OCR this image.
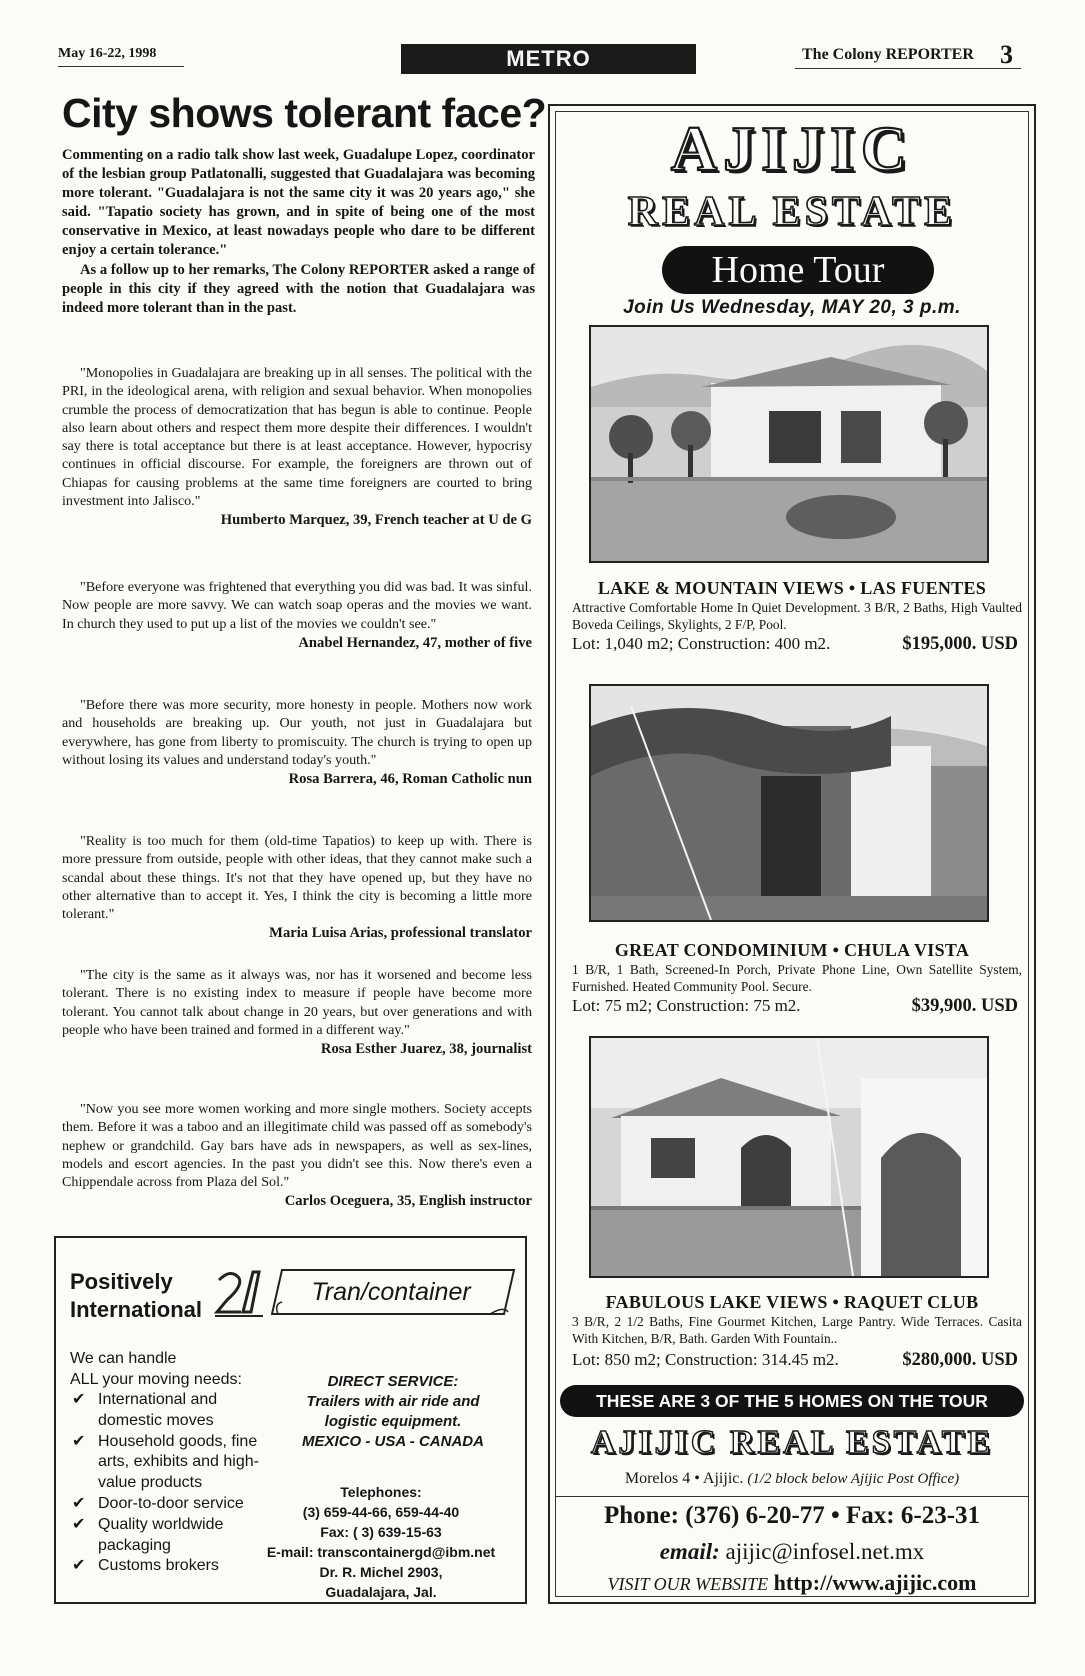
May 16-22, 1998	METRO	The Colony REPORTER 3
City shows tolerant face?

Commenting on a radio talk show last week, Guadalupe Lopez, coordinator of the lesbian group Patlatonalli, suggested that Guadalajara was becoming more tolerant. "Guadalajara is not the same city it was 20 years ago," she said. "Tapatio society has grown, and in spite of being one of the most conservative in Mexico, at least nowadays people who dare to be different enjoy a certain tolerance."

As a follow up to her remarks, The Colony REPORTER asked a range of people in this city if they agreed with the notion that Guadalajara was indeed more tolerant than in the past.

"Monopolies in Guadalajara are breaking up in all senses. The political with the PRI, in the ideological arena, with religion and sexual behavior. When monopolies crumble the process of democratization that has begun is able to continue. People also learn about others and respect them more despite their differences. I wouldn't say there is total acceptance but there is at least acceptance. However, hypocrisy continues in official discourse. For example, the foreigners are thrown out of Chiapas for causing problems at the same time foreigners are courted to bring investment into Jalisco."

Humberto Marquez, 39, French teacher at U de G

"Before everyone was frightened that everything you did was bad. It was sinful. Now people are more savvy. We can watch soap operas and the movies we want. In church they used to put up a list of the movies we couldn't see."

Anabel Hernandez, 47, mother of five

"Before there was more security, more honesty in people. Mothers now work and households are breaking up. Our youth, not just in Guadalajara but everywhere, has gone from liberty to promiscuity. The church is trying to open up without losing its values and understand today's youth."

Rosa Barrera, 46, Roman Catholic nun

"Reality is too much for them (old-time Tapatios) to keep up with. There is more pressure from outside, people with other ideas, that they cannot make such a scandal about these things. It's not that they have opened up, but they have no other alternative than to accept it. Yes, I think the city is becoming a little more tolerant."

Maria Luisa Arias, professional translator

"The city is the same as it always was, nor has it worsened and become less tolerant. There is no existing index to measure if people have become more tolerant. You cannot talk about change in 20 years, but over generations and with people who have been trained and formed in a different way."

Rosa Esther Juarez, 38, journalist

"Now you see more women working and more single mothers. Society accepts them. Before it was a taboo and an illegitimate child was passed off as somebody's nephew or grandchild. Gay bars have ads in newspapers, as well as sex-lines, models and escort agencies. In the past you didn't see this. Now there's even a Chippendale across from Plaza del Sol."

Carlos Oceguera, 35, English instructor

Positively
International
Tran/container
We can handle
ALL your moving needs:
✔ International and domestic moves
✔ Household goods, fine arts, exhibits and high-value products
✔ Door-to-door service
✔ Quality worldwide packaging
✔ Customs brokers
DIRECT SERVICE:
Trailers with air ride and
logistic equipment.
MEXICO - USA - CANADA
Telephones:
(3) 659-44-66, 659-44-40
Fax: ( 3) 639-15-63
E-mail: transcontainergd@ibm.net
Dr. R. Michel 2903,
Guadalajara, Jal.
AJIJIC
REAL ESTATE
Home Tour
Join Us Wednesday, MAY 20, 3 p.m.
LAKE & MOUNTAIN VIEWS • LAS FUENTES
Attractive Comfortable Home In Quiet Development. 3 B/R, 2 Baths, High Vaulted Boveda Ceilings, Skylights, 2 F/P, Pool.
Lot: 1,040 m2; Construction: 400 m2.	$195,000. USD
GREAT CONDOMINIUM • CHULA VISTA
1 B/R, 1 Bath, Screened-In Porch, Private Phone Line, Own Satellite System, Furnished. Heated Community Pool. Secure.
Lot: 75 m2; Construction: 75 m2.	$39,900. USD
FABULOUS LAKE VIEWS • RAQUET CLUB
3 B/R, 2 1/2 Baths, Fine Gourmet Kitchen, Large Pantry. Wide Terraces. Casita With Kitchen, B/R, Bath. Garden With Fountain..
Lot: 850 m2; Construction: 314.45 m2.	$280,000. USD
THESE ARE 3 OF THE 5 HOMES ON THE TOUR
AJIJIC REAL ESTATE
Morelos 4 • Ajijic. (1/2 block below Ajijic Post Office)
Phone: (376) 6-20-77 • Fax: 6-23-31
email: ajijic@infosel.net.mx
VISIT OUR WEBSITE http://www.ajijic.com
